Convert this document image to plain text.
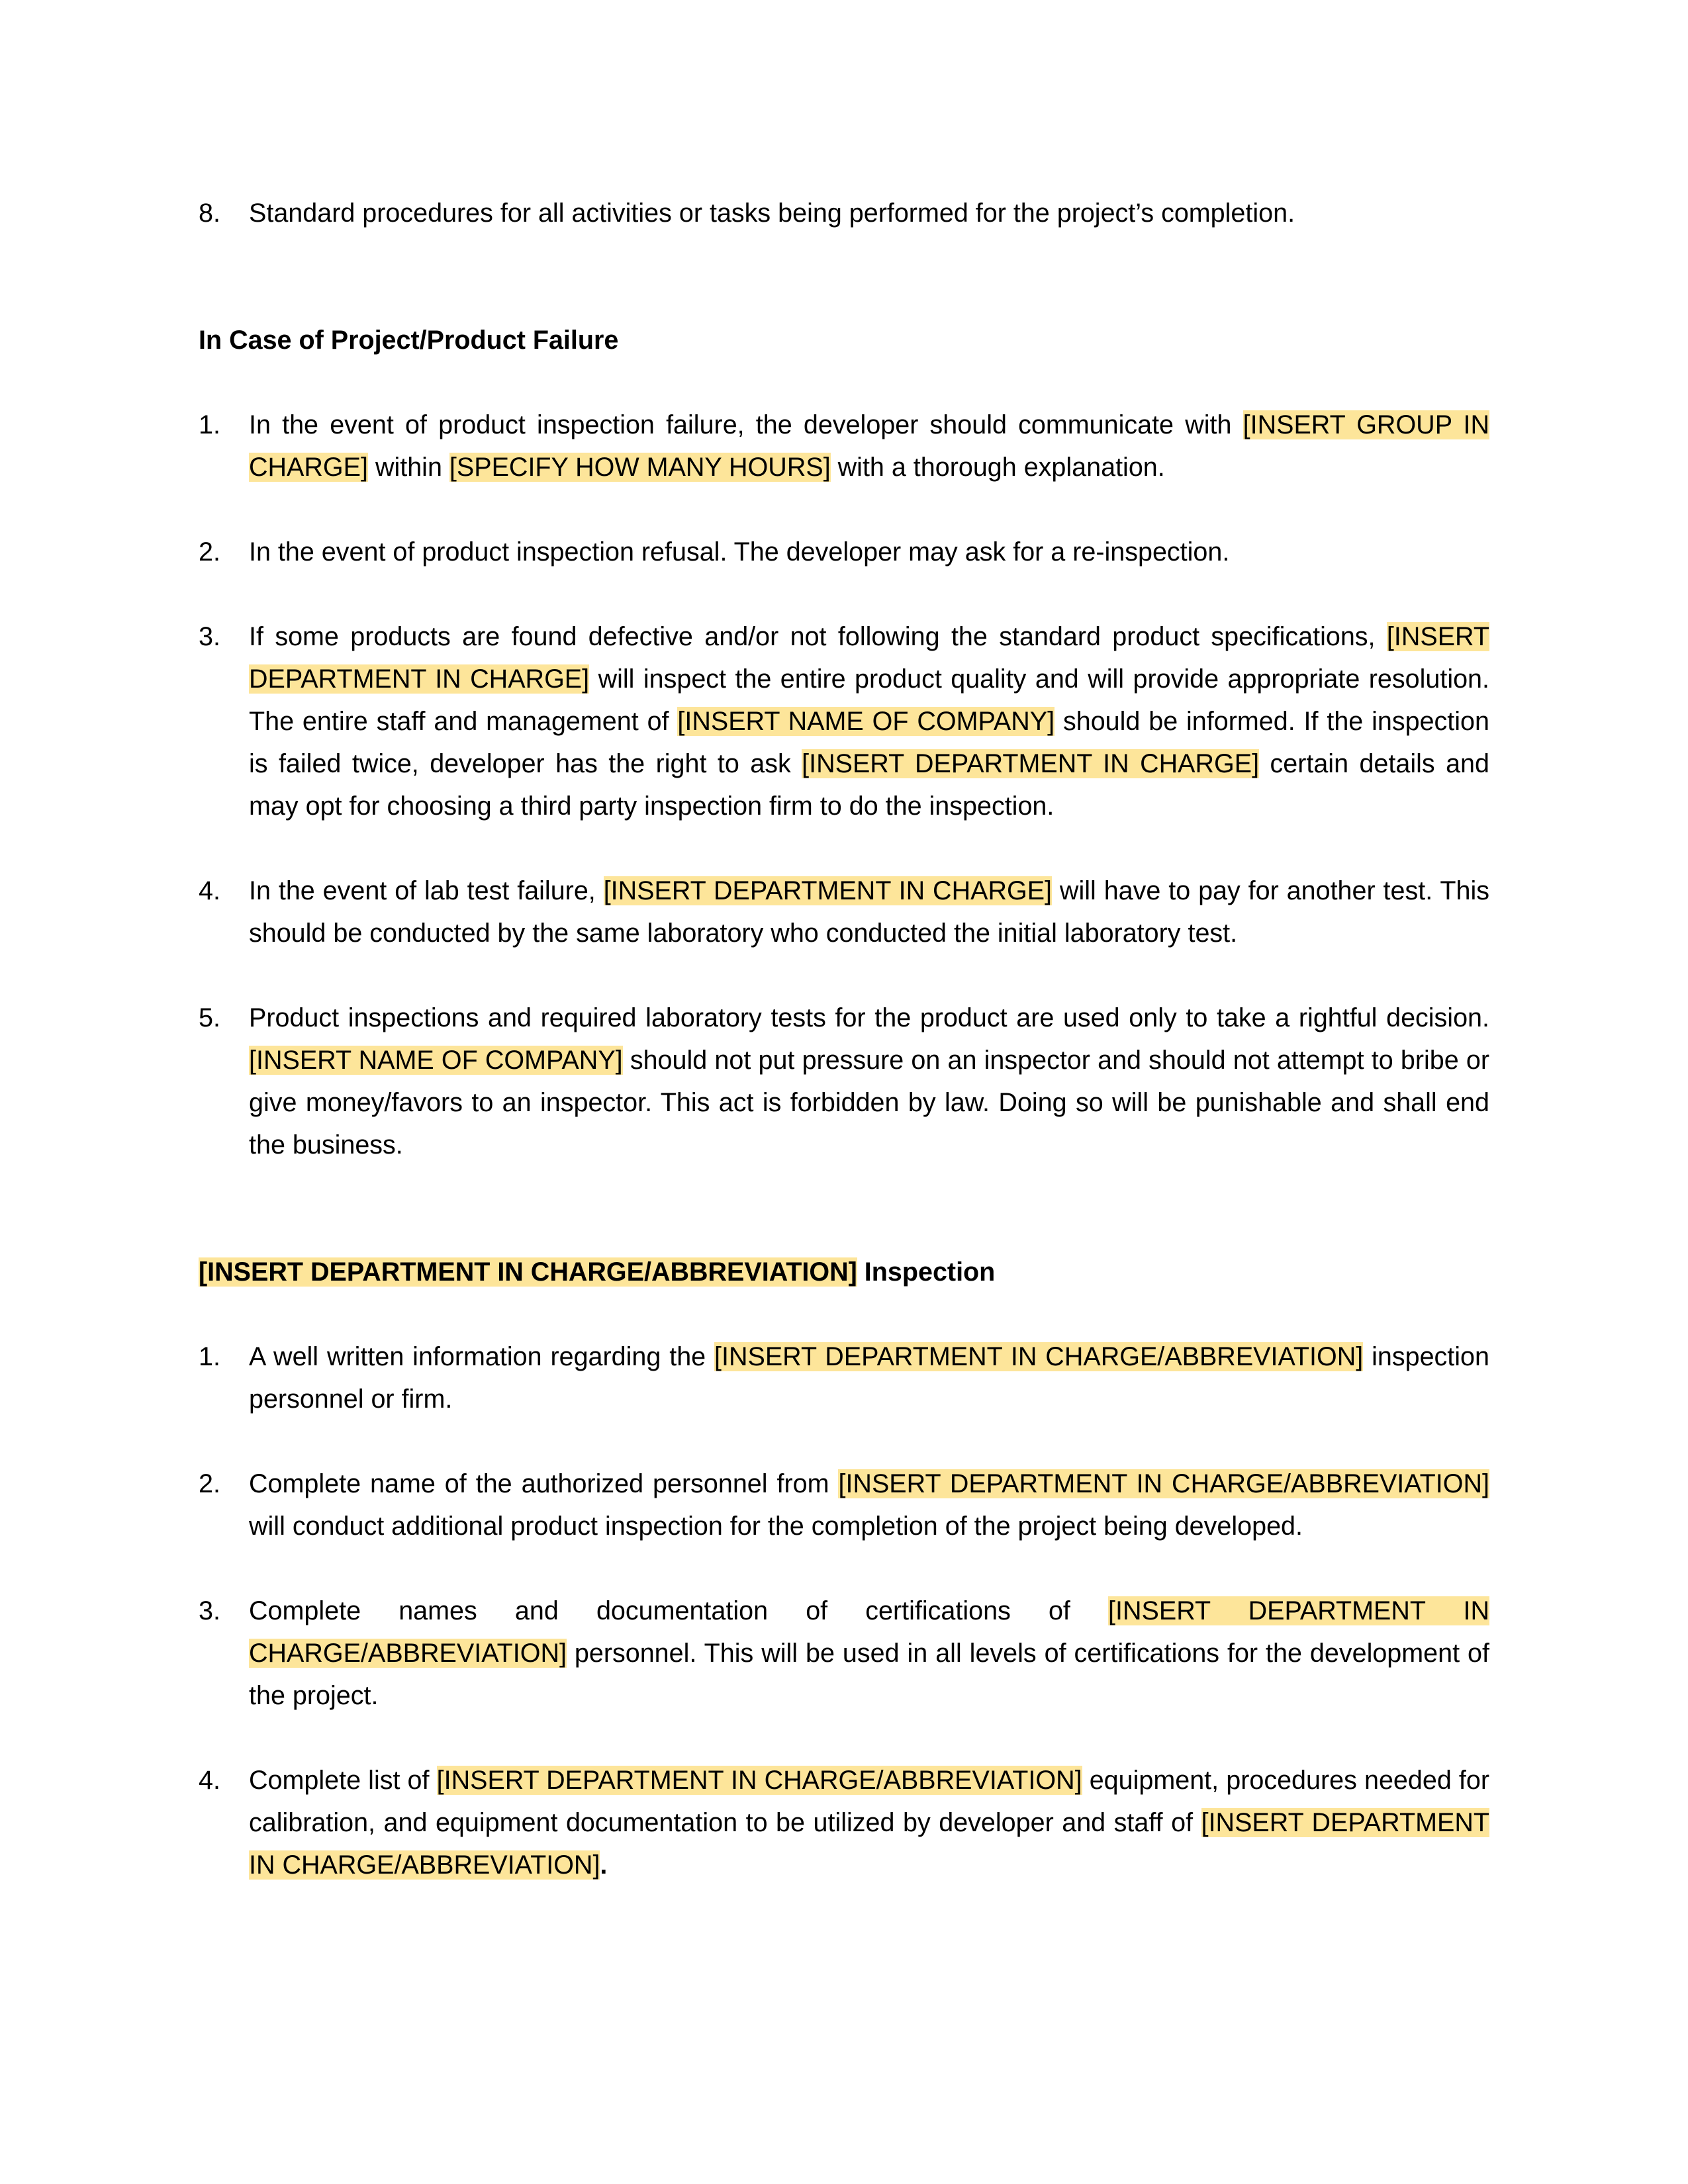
8.	Standard procedures for all activities or tasks being performed for the project’s completion.

In Case of Project/Product Failure

1.	In the event of product inspection failure, the developer should communicate with [INSERT GROUP IN CHARGE] within [SPECIFY HOW MANY HOURS] with a thorough explanation.
2.	In the event of product inspection refusal. The developer may ask for a re-inspection.
3.	If some products are found defective and/or not following the standard product specifications, [INSERT DEPARTMENT IN CHARGE] will inspect the entire product quality and will provide appropriate resolution. The entire staff and management of [INSERT NAME OF COMPANY] should be informed. If the inspection is failed twice, developer has the right to ask [INSERT DEPARTMENT IN CHARGE] certain details and may opt for choosing a third party inspection firm to do the inspection.
4.	In the event of lab test failure, [INSERT DEPARTMENT IN CHARGE] will have to pay for another test. This should be conducted by the same laboratory who conducted the initial laboratory test.
5.	Product inspections and required laboratory tests for the product are used only to take a rightful decision. [INSERT NAME OF COMPANY] should not put pressure on an inspector and should not attempt to bribe or give money/favors to an inspector. This act is forbidden by law. Doing so will be punishable and shall end the business.

[INSERT DEPARTMENT IN CHARGE/ABBREVIATION] Inspection

1.	A well written information regarding the [INSERT DEPARTMENT IN CHARGE/ABBREVIATION] inspection personnel or firm.
2.	Complete name of the authorized personnel from [INSERT DEPARTMENT IN CHARGE/ABBREVIATION] will conduct additional product inspection for the completion of the project being developed.
3.	Complete names and documentation of certifications of [INSERT DEPARTMENT IN CHARGE/ABBREVIATION] personnel. This will be used in all levels of certifications for the development of the project.
4.	Complete list of [INSERT DEPARTMENT IN CHARGE/ABBREVIATION] equipment, procedures needed for calibration, and equipment documentation to be utilized by developer and staff of [INSERT DEPARTMENT IN CHARGE/ABBREVIATION].
